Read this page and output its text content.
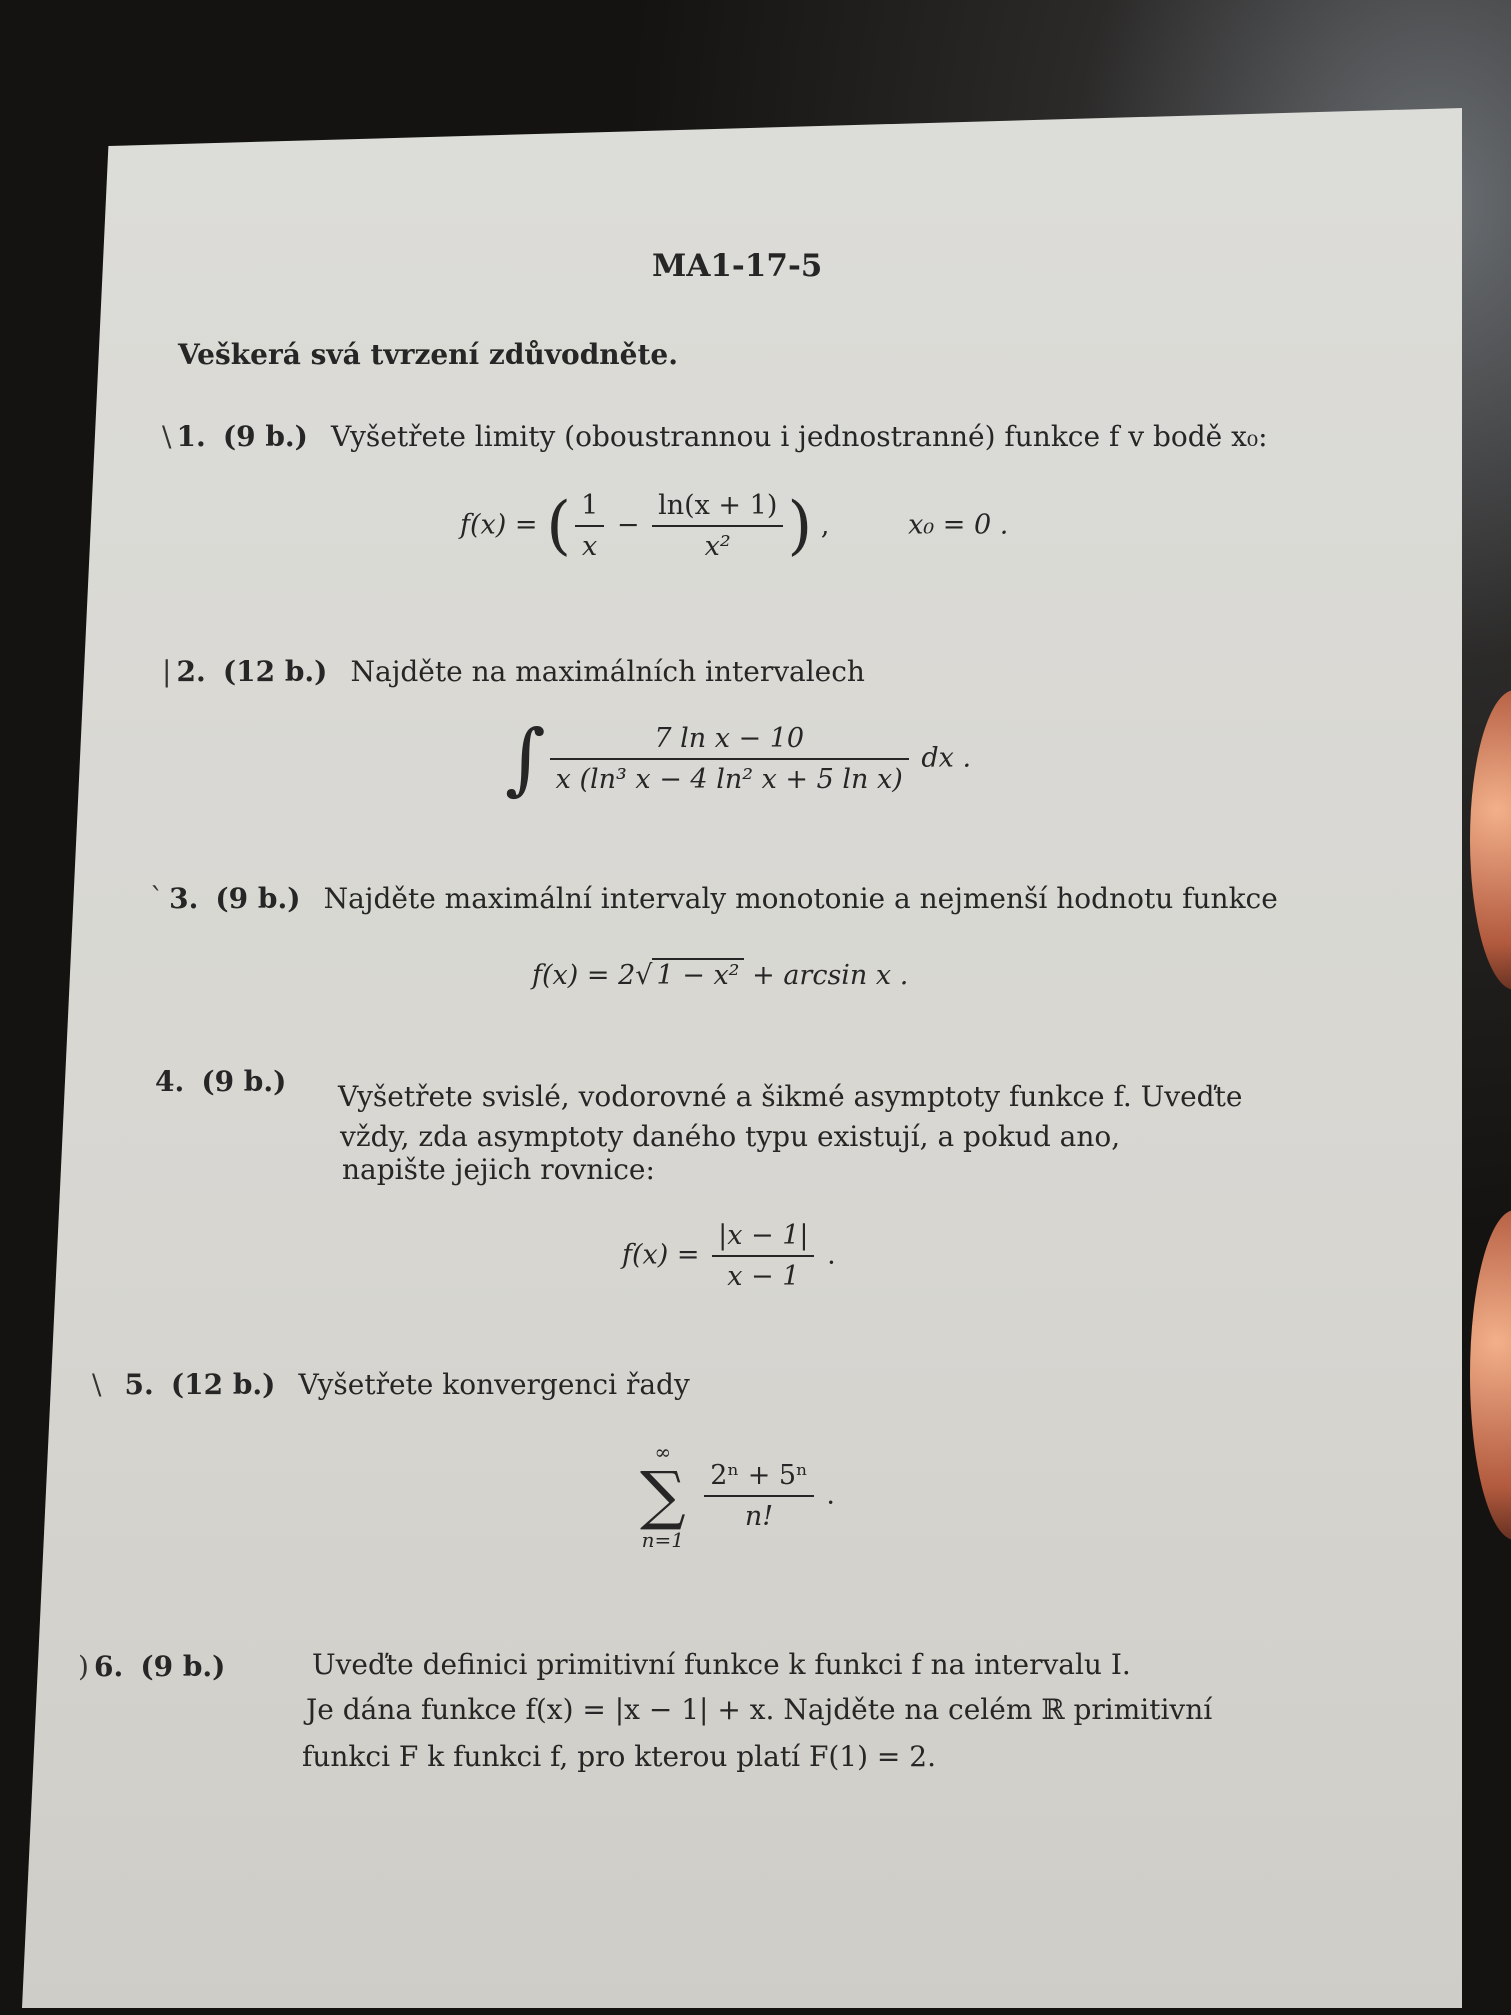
MA1-17-5
Veškerá svá tvrzení zdůvodněte.
\ 1. (9 b.) Vyšetřete limity (oboustrannou i jednostranné) funkce f v bodě x₀:
f(x) = ( $\frac{1}{x} - \frac{\ln(x + 1)}{\text{x²}}$ ) ,	x₀ = 0 .
| 2. (12 b.) Najděte na maximálních intervalech
∫ $\frac{\text{7 ln x − 10}}{\text{x (ln³ x − 4 ln² x + 5 ln x)}}$ dx .
` 3. (9 b.) Najděte maximální intervaly monotonie a nejmenší hodnotu funkce
f(x) = 2√ 1 − x² + arcsin x .
4. (9 b.) Vyšetřete svislé, vodorovné a šikmé asymptoty funkce f. Uveďte
vždy, zda asymptoty daného typu existují, a pokud ano,
napište jejich rovnice:
$f(x) = \frac{|x - 1|}{x - 1}$ .
\ 5. (12 b.) Vyšetřete konvergenci řady
∞
∑
n=1

$\frac{\text{2ⁿ + 5ⁿ}}{n!}$ .
) 6. (9 b.)	Uveďte definici primitivní funkce k funkci f na intervalu I.
Je dána funkce f(x) = |x − 1| + x. Najděte na celém ℝ primitivní
funkci F k funkci f, pro kterou platí F(1) = 2.
